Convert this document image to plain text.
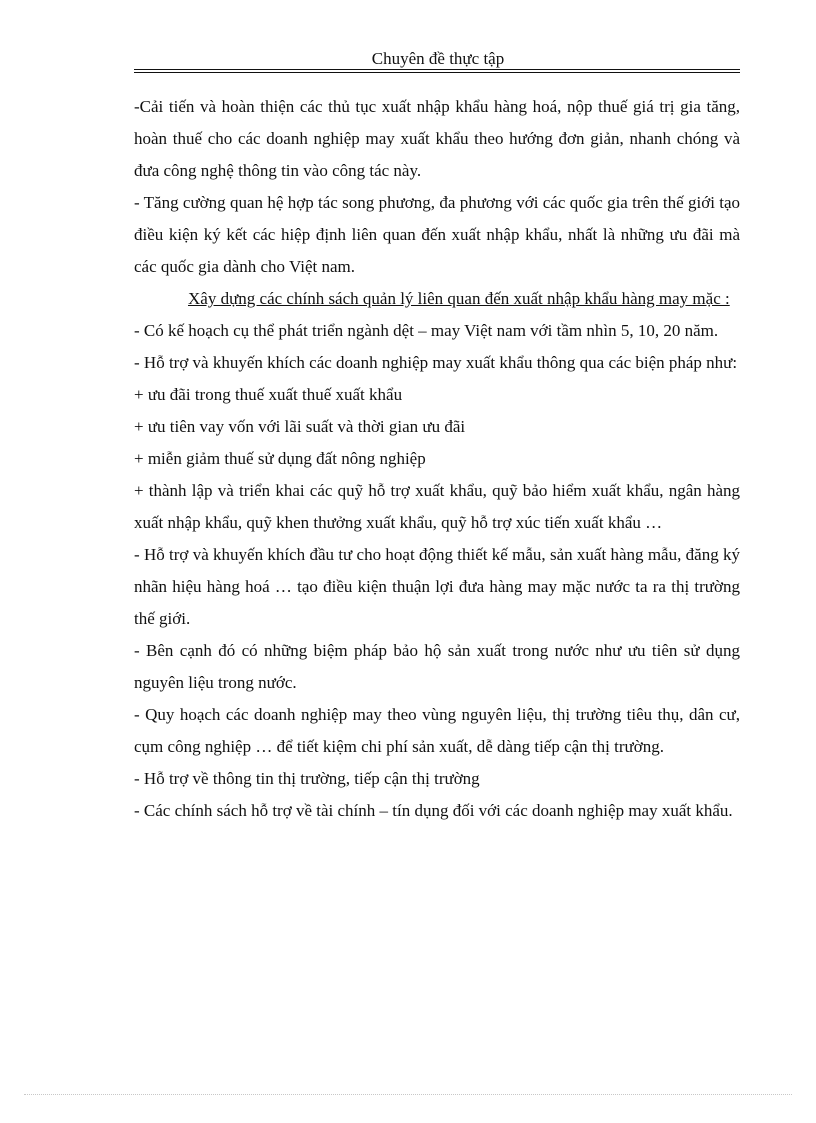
Chuyên đề thực tập

-Cải tiến và hoàn thiện các thủ tục xuất nhập khẩu hàng hoá, nộp thuế giá trị gia tăng, hoàn thuế cho các doanh nghiệp may xuất khẩu theo hướng đơn giản, nhanh chóng và đưa công nghệ thông tin vào công tác này.

- Tăng cường quan hệ hợp tác song phương, đa phương với các quốc gia trên thế giới tạo điều kiện ký kết các hiệp định liên quan đến xuất nhập khẩu, nhất là những ưu đãi mà các quốc gia dành cho Việt nam.

Xây dựng các chính sách quản lý liên quan đến xuất nhập khẩu hàng may mặc :

- Có kế hoạch cụ thể phát triển ngành dệt – may Việt nam với tầm nhìn 5, 10, 20 năm.

- Hỗ trợ và khuyến khích các doanh nghiệp may xuất khẩu thông qua các biện pháp như:

+ ưu đãi trong thuế xuất thuế xuất khẩu

+ ưu tiên vay vốn với lãi suất và thời gian ưu đãi

+ miễn giảm thuế sử dụng đất nông nghiệp

+ thành lập và triển khai các quỹ hỗ trợ xuất khẩu, quỹ bảo hiểm xuất khẩu, ngân hàng xuất nhập khẩu, quỹ khen thưởng xuất khẩu, quỹ hỗ trợ xúc tiến xuất khẩu …

- Hỗ trợ và khuyến khích đầu tư cho hoạt động thiết kế mẫu, sản xuất hàng mẫu, đăng ký nhãn hiệu hàng hoá … tạo điều kiện thuận lợi đưa hàng may mặc nước ta ra thị trường thế giới.

- Bên cạnh đó có những biệm pháp bảo hộ sản xuất trong nước như ưu tiên sử dụng nguyên liệu trong nước.

- Quy hoạch các doanh nghiệp may theo vùng nguyên liệu, thị trường tiêu thụ, dân cư, cụm công nghiệp … để tiết kiệm chi phí sản xuất, dễ dàng tiếp cận thị trường.

- Hỗ trợ về thông tin thị trường, tiếp cận thị trường

- Các chính sách hỗ trợ về tài chính – tín dụng đối với các doanh nghiệp may xuất khẩu.
